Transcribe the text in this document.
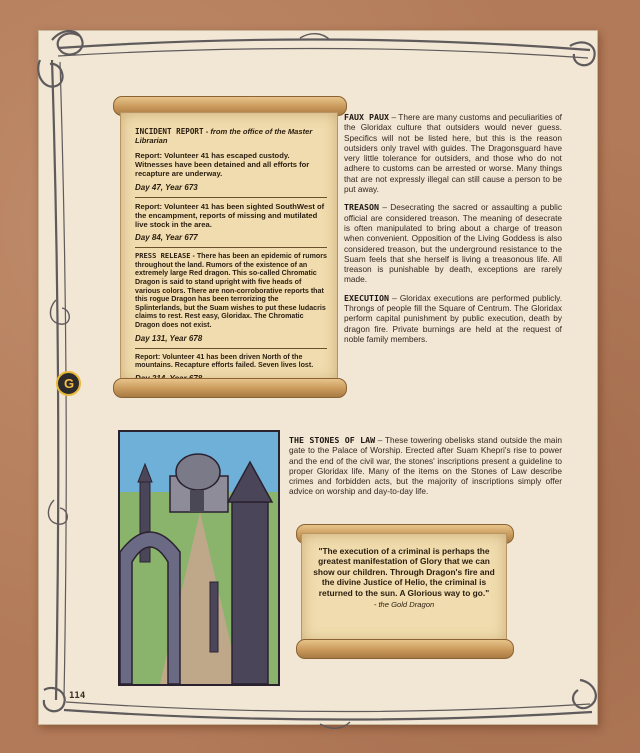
INCIDENT REPORT - from the office of the Master Librarian
Report: Volunteer 41 has escaped custody. Witnesses have been detained and all efforts for recapture are underway.
Day 47, Year 673
Report: Volunteer 41 has been sighted SouthWest of the encampment, reports of missing and mutilated live stock in the area.
Day 84, Year 677
PRESS RELEASE - There has been an epidemic of rumors throughout the land. Rumors of the existence of an extremely large Red dragon. This so-called Chromatic Dragon is said to stand upright with five heads of various colors. There are non-corroborative reports that this rogue Dragon has been terrorizing the Splinterlands, but the Suam wishes to put these ludacris claims to rest. Rest easy, Gloridax. The Chromatic Dragon does not exist.
Day 131, Year 678
Report: Volunteer 41 has been driven North of the mountains. Recapture efforts failed. Seven lives lost.
G

FAUX PAUX – There are many customs and peculiarities of the Gloridax culture that outsiders would never guess. Specifics will not be listed here, but this is the reason outsiders only travel with guides. The Dragonsguard have very little tolerance for outsiders, and those who do not adhere to customs can be arrested or worse. Many things that are not expressly illegal can still cause a person to be put away.

TREASON – Desecrating the sacred or assaulting a public official are considered treason. The meaning of desecrate is often manipulated to bring about a charge of treason when convenient. Opposition of the Living Goddess is also considered treason, but the underground resistance to the Suam feels that she herself is living a treasonous life. All treason is punishable by death, exceptions are rarely made.

EXECUTION – Gloridax executions are performed publicly. Throngs of people fill the Square of Centrum. The Gloridax perform capital punishment by public execution, death by dragon fire. Private burnings are held at the request of noble family members.

THE STONES OF LAW – These towering obelisks stand outside the main gate to the Palace of Worship. Erected after Suam Khepri's rise to power and the end of the civil war, the stones' inscriptions present a guideline to proper Gloridax life. Many of the items on the Stones of Law describe crimes and forbidden acts, but the majority of inscriptions simply offer advice on worship and day-to-day life.

"The execution of a criminal is perhaps the greatest manifestation of Glory that we can show our children. Through Dragon's fire and the divine Justice of Helio, the criminal is returned to the sun. A Glorious way to go."
- the Gold Dragon
114
